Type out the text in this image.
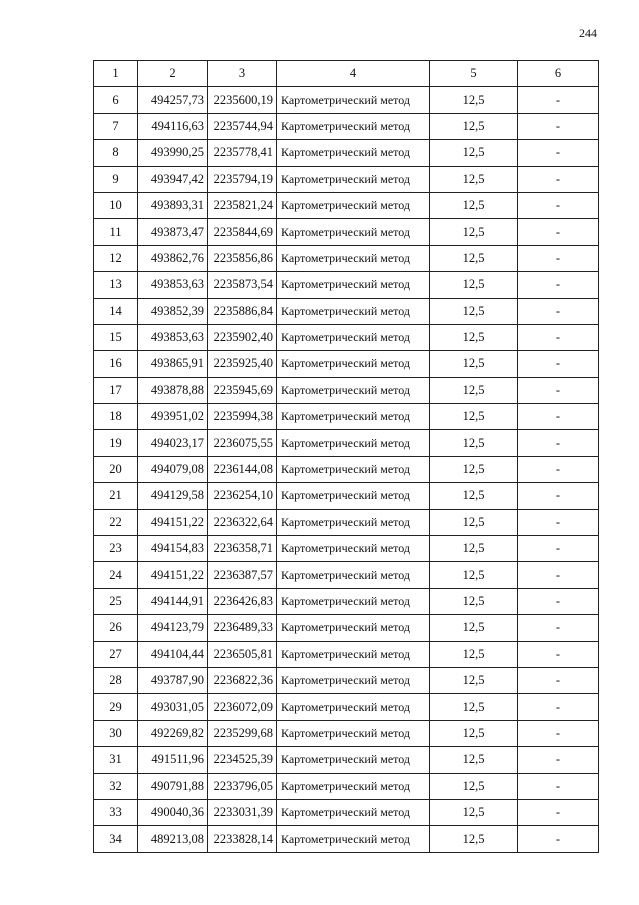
244
1	2	3	4	5	6
6	494257,73	2235600,19	Картометрический метод	12,5	-
7	494116,63	2235744,94	Картометрический метод	12,5	-
8	493990,25	2235778,41	Картометрический метод	12,5	-
9	493947,42	2235794,19	Картометрический метод	12,5	-
10	493893,31	2235821,24	Картометрический метод	12,5	-
11	493873,47	2235844,69	Картометрический метод	12,5	-
12	493862,76	2235856,86	Картометрический метод	12,5	-
13	493853,63	2235873,54	Картометрический метод	12,5	-
14	493852,39	2235886,84	Картометрический метод	12,5	-
15	493853,63	2235902,40	Картометрический метод	12,5	-
16	493865,91	2235925,40	Картометрический метод	12,5	-
17	493878,88	2235945,69	Картометрический метод	12,5	-
18	493951,02	2235994,38	Картометрический метод	12,5	-
19	494023,17	2236075,55	Картометрический метод	12,5	-
20	494079,08	2236144,08	Картометрический метод	12,5	-
21	494129,58	2236254,10	Картометрический метод	12,5	-
22	494151,22	2236322,64	Картометрический метод	12,5	-
23	494154,83	2236358,71	Картометрический метод	12,5	-
24	494151,22	2236387,57	Картометрический метод	12,5	-
25	494144,91	2236426,83	Картометрический метод	12,5	-
26	494123,79	2236489,33	Картометрический метод	12,5	-
27	494104,44	2236505,81	Картометрический метод	12,5	-
28	493787,90	2236822,36	Картометрический метод	12,5	-
29	493031,05	2236072,09	Картометрический метод	12,5	-
30	492269,82	2235299,68	Картометрический метод	12,5	-
31	491511,96	2234525,39	Картометрический метод	12,5	-
32	490791,88	2233796,05	Картометрический метод	12,5	-
33	490040,36	2233031,39	Картометрический метод	12,5	-
34	489213,08	2233828,14	Картометрический метод	12,5	-
